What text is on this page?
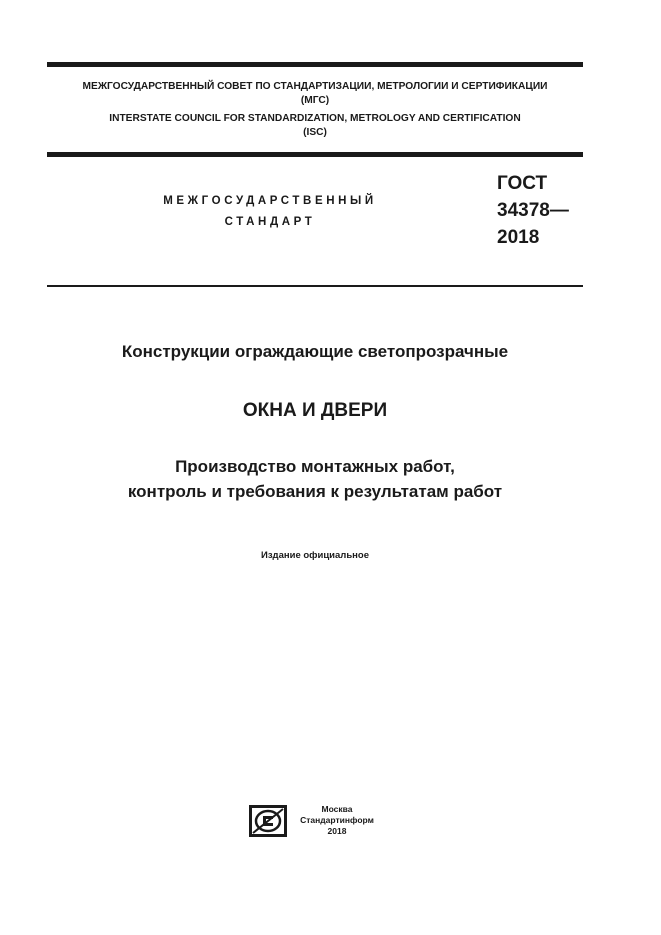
МЕЖГОСУДАРСТВЕННЫЙ СОВЕТ ПО СТАНДАРТИЗАЦИИ, МЕТРОЛОГИИ И СЕРТИФИКАЦИИ
(МГС)
INTERSTATE COUNCIL FOR STANDARDIZATION, METROLOGY AND CERTIFICATION
(ISC)
МЕЖГОСУДАРСТВЕННЫЙ
СТАНДАРТ
ГОСТ
34378—
2018
Конструкции ограждающие светопрозрачные
ОКНА И ДВЕРИ
Производство монтажных работ,
контроль и требования к результатам работ
Издание официальное
Москва
Стандартинформ
2018
